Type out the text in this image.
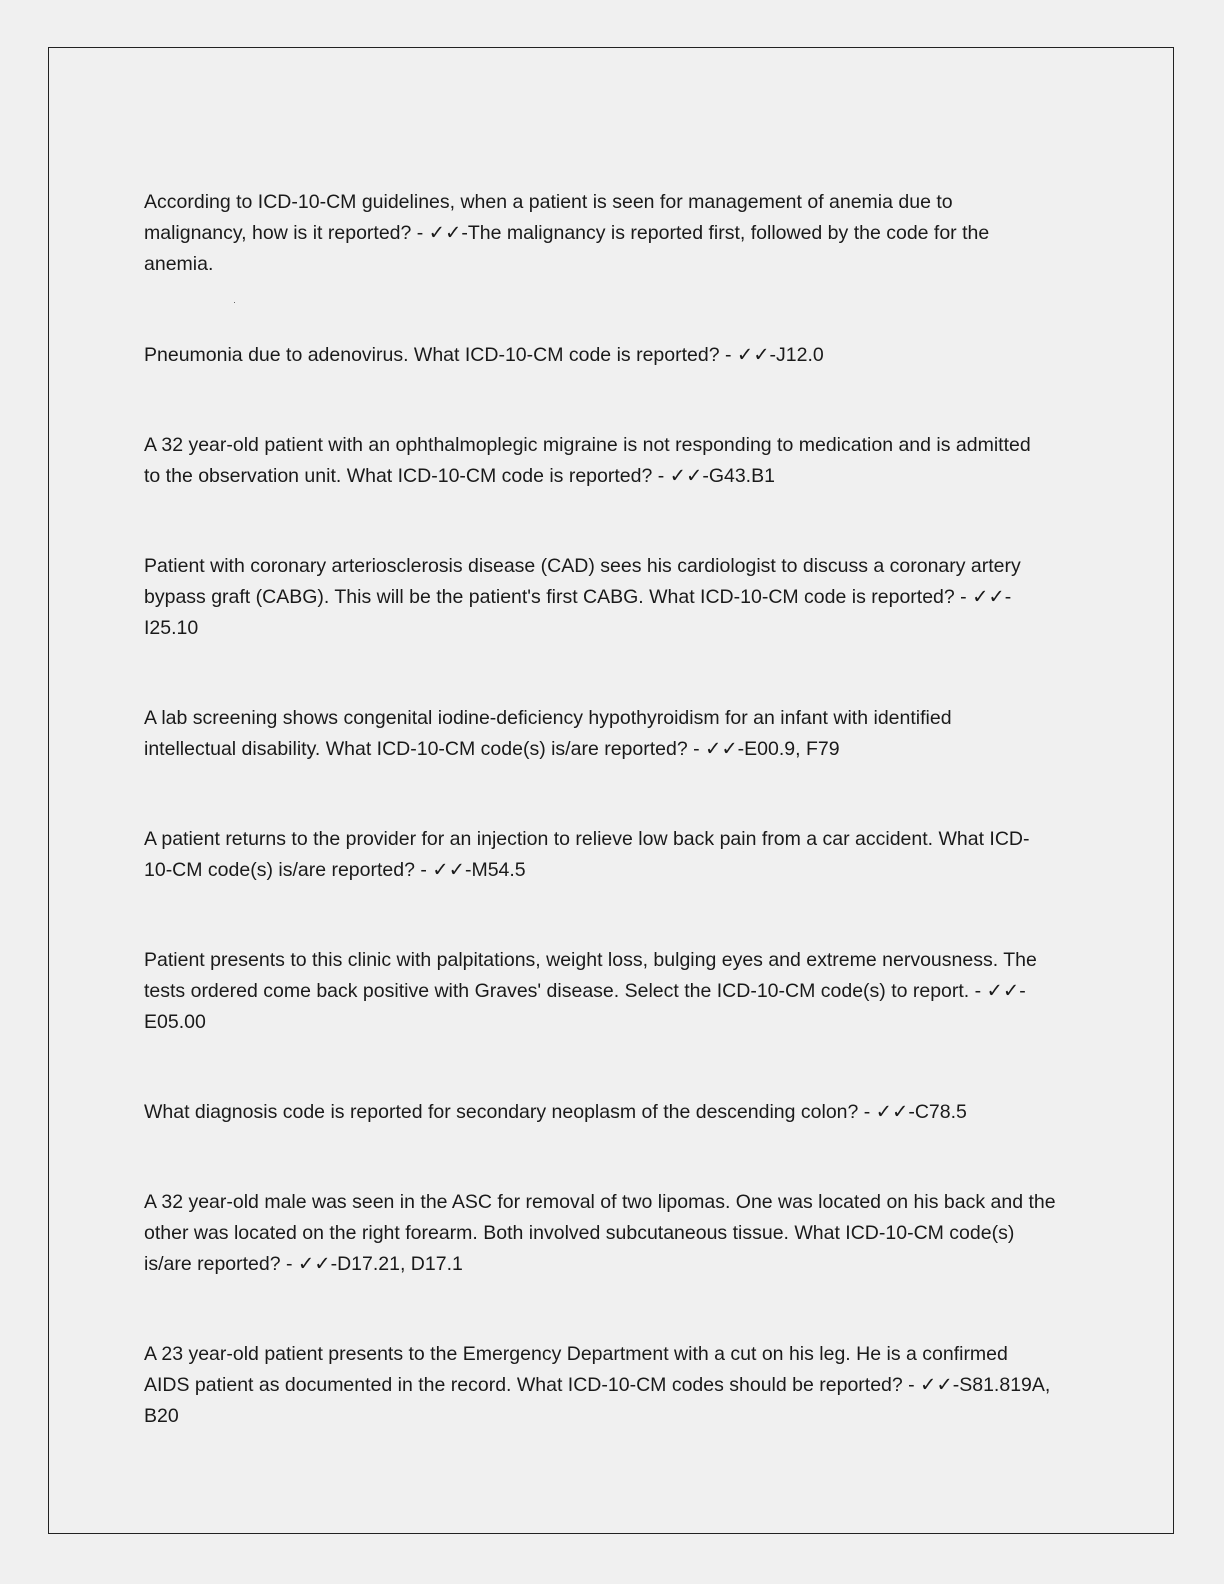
According to ICD-10-CM guidelines, when a patient is seen for management of anemia due to
malignancy, how is it reported? - ✓✓-The malignancy is reported first, followed by the code for the
anemia.

Pneumonia due to adenovirus. What ICD-10-CM code is reported? - ✓✓-J12.0

A 32 year-old patient with an ophthalmoplegic migraine is not responding to medication and is admitted
to the observation unit. What ICD-10-CM code is reported? - ✓✓-G43.B1

Patient with coronary arteriosclerosis disease (CAD) sees his cardiologist to discuss a coronary artery
bypass graft (CABG). This will be the patient's first CABG. What ICD-10-CM code is reported? - ✓✓-
I25.10

A lab screening shows congenital iodine-deficiency hypothyroidism for an infant with identified
intellectual disability. What ICD-10-CM code(s) is/are reported? - ✓✓-E00.9, F79

A patient returns to the provider for an injection to relieve low back pain from a car accident. What ICD-
10-CM code(s) is/are reported? - ✓✓-M54.5

Patient presents to this clinic with palpitations, weight loss, bulging eyes and extreme nervousness. The
tests ordered come back positive with Graves' disease. Select the ICD-10-CM code(s) to report. - ✓✓-
E05.00

What diagnosis code is reported for secondary neoplasm of the descending colon? - ✓✓-C78.5

A 32 year-old male was seen in the ASC for removal of two lipomas. One was located on his back and the
other was located on the right forearm. Both involved subcutaneous tissue. What ICD-10-CM code(s)
is/are reported? - ✓✓-D17.21, D17.1

A 23 year-old patient presents to the Emergency Department with a cut on his leg. He is a confirmed
AIDS patient as documented in the record. What ICD-10-CM codes should be reported? - ✓✓-S81.819A,
B20
